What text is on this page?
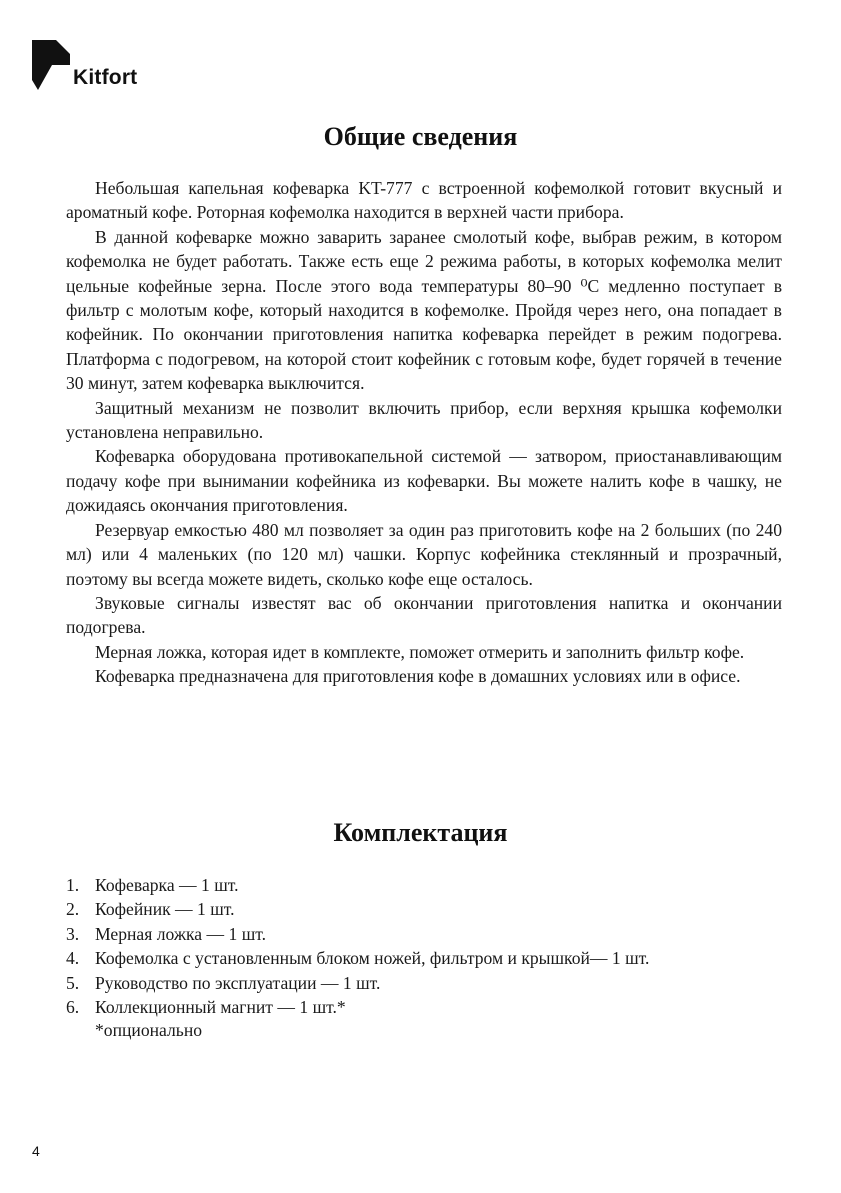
Kitfort
Общие сведения

Небольшая капельная кофеварка KT-777 с встроенной кофемолкой готовит вкусный и ароматный кофе. Роторная кофемолка находится в верхней части прибора.

В данной кофеварке можно заварить заранее смолотый кофе, выбрав режим, в котором кофемолка не будет работать. Также есть еще 2 режима работы, в которых кофемолка мелит цельные кофейные зерна. После этого вода температуры 80–90 ⁰С медленно поступает в фильтр с молотым кофе, который находится в кофемолке. Пройдя через него, она попадает в кофейник. По окончании приготовления напитка кофеварка перейдет в режим подогрева. Платформа с подогревом, на которой стоит кофейник с готовым кофе, будет горячей в течение 30 минут, затем кофеварка выключится.

Защитный механизм не позволит включить прибор, если верхняя крышка кофемолки установлена неправильно.

Кофеварка оборудована противокапельной системой — затвором, приостанавливающим подачу кофе при вынимании кофейника из кофеварки. Вы можете налить кофе в чашку, не дожидаясь окончания приготовления.

Резервуар емкостью 480 мл позволяет за один раз приготовить кофе на 2 больших (по 240 мл) или 4 маленьких (по 120 мл) чашки. Корпус кофейника стеклянный и прозрачный, поэтому вы всегда можете видеть, сколько кофе еще осталось.

Звуковые сигналы известят вас об окончании приготовления напитка и окончании подогрева.

Мерная ложка, которая идет в комплекте, поможет отмерить и заполнить фильтр кофе.

Кофеварка предназначена для приготовления кофе в домашних условиях или в офисе.

Комплектация
1. Кофеварка — 1 шт.
2. Кофейник — 1 шт.
3. Мерная ложка — 1 шт.
4. Кофемолка с установленным блоком ножей, фильтром и крышкой— 1 шт.
5. Руководство по эксплуатации — 1 шт.
6. Коллекционный магнит — 1 шт.*
*опционально
4
